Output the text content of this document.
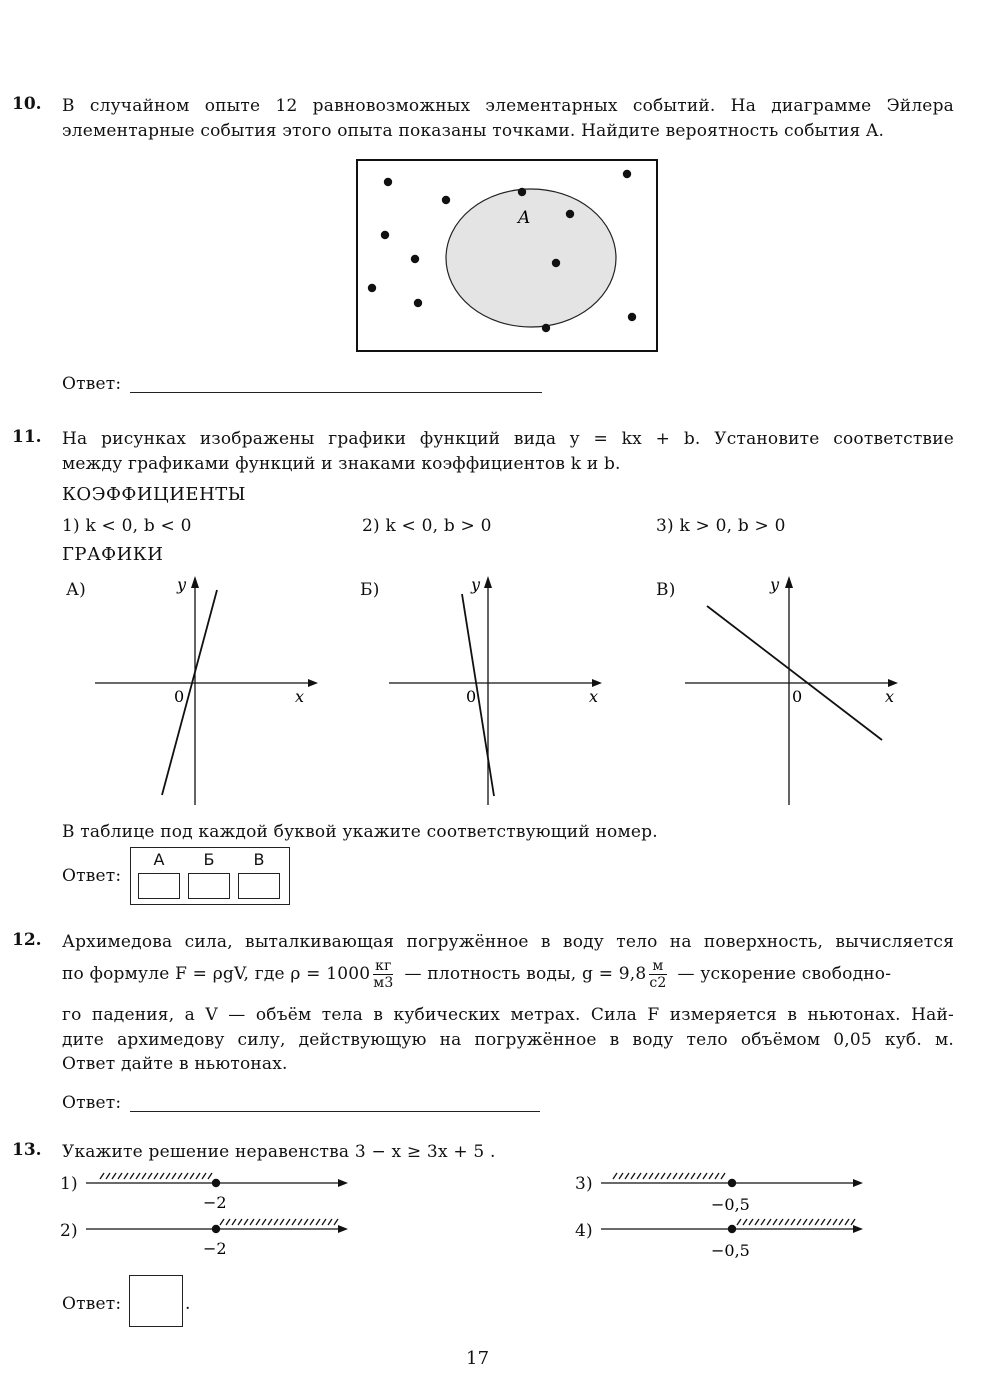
10. В случайном опыте 12 равновозможных элементарных событий. На диаграмме Эйлера
элементарные события этого опыта показаны точками. Найдите вероятность события A.
A
Ответ:
11. На рисунках изображены графики функций вида y = kx + b. Установите соответствие
между графиками функций и знаками коэффициентов k и b.
КОЭФФИЦИЕНТЫ
1) k < 0, b < 0	2) k < 0, b > 0	3) k > 0, b > 0
ГРАФИКИ
А)
x
y
0
Б)
x
y
0
В)
x
y
0
В таблице под каждой буквой укажите соответствующий номер.
Ответ:
А	Б	В
12. Архимедова сила, выталкивающая погружённое в воду тело на поверхность, вычисляется
по формуле F = ρgV, где $\rho = 1000 \frac{кг}{м3}$ — плотность воды, $g = 9,8 \frac{м}{с2}$ — ускорение свободно-
го падения, а V — объём тела в кубических метрах. Сила F измеряется в ньютонах. Най-
дите архимедову силу, действующую на погружённое в воду тело объёмом 0,05 куб. м.
Ответ дайте в ньютонах.
Ответ:
13. Укажите решение неравенства 3 − x ≥ 3x + 5 .
1)
−2
2)
−2
3)
−0,5
4)
−0,5
Ответ:	.
17
